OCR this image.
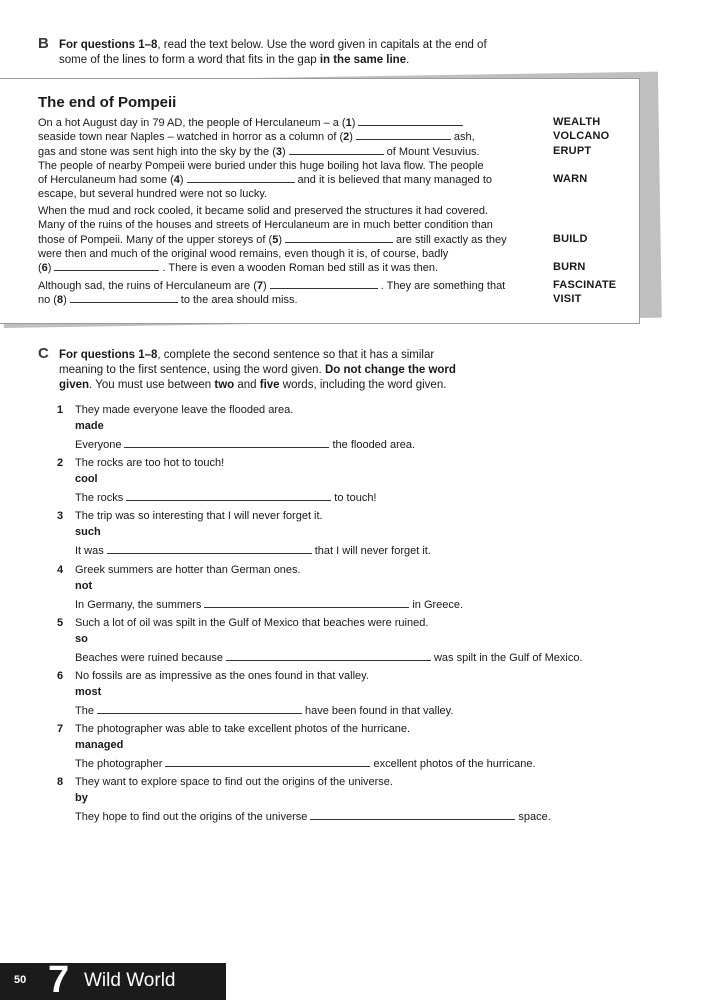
B For questions 1–8, read the text below. Use the word given in capitals at the end of
some of the lines to form a word that fits in the gap in the same line.
The end of Pompeii
On a hot August day in 79 AD, the people of Herculaneum – a (1)
seaside town near Naples – watched in horror as a column of (2)	ash,
gas and stone was sent high into the sky by the (3)	of Mount Vesuvius.
The people of nearby Pompeii were buried under this huge boiling hot lava flow. The people
of Herculaneum had some (4)	and it is believed that many managed to
escape, but several hundred were not so lucky.
When the mud and rock cooled, it became solid and preserved the structures it had covered.
Many of the ruins of the houses and streets of Herculaneum are in much better condition than
those of Pompeii. Many of the upper storeys of (5)	are still exactly as they
were then and much of the original wood remains, even though it is, of course, badly
(6)	. There is even a wooden Roman bed still as it was then.
Although sad, the ruins of Herculaneum are (7)	. They are something that
no (8)	to the area should miss.
WEALTH
VOLCANO
ERUPT
WARN
BUILD
BURN
FASCINATE
VISIT
C For questions 1–8, complete the second sentence so that it has a similar
meaning to the first sentence, using the word given. Do not change the word
given. You must use between two and five words, including the word given.
1	They made everyone leave the flooded area.
made
Everyone	the flooded area.
2	The rocks are too hot to touch!
cool
The rocks	to touch!
3	The trip was so interesting that I will never forget it.
such
It was	that I will never forget it.
4	Greek summers are hotter than German ones.
not
In Germany, the summers	in Greece.
5	Such a lot of oil was spilt in the Gulf of Mexico that beaches were ruined.
so
Beaches were ruined because	was spilt in the Gulf of Mexico.
6	No fossils are as impressive as the ones found in that valley.
most
The	have been found in that valley.
7	The photographer was able to take excellent photos of the hurricane.
managed
The photographer	excellent photos of the hurricane.
8	They want to explore space to find out the origins of the universe.
by
They hope to find out the origins of the universe	space.
50 7 Wild World
